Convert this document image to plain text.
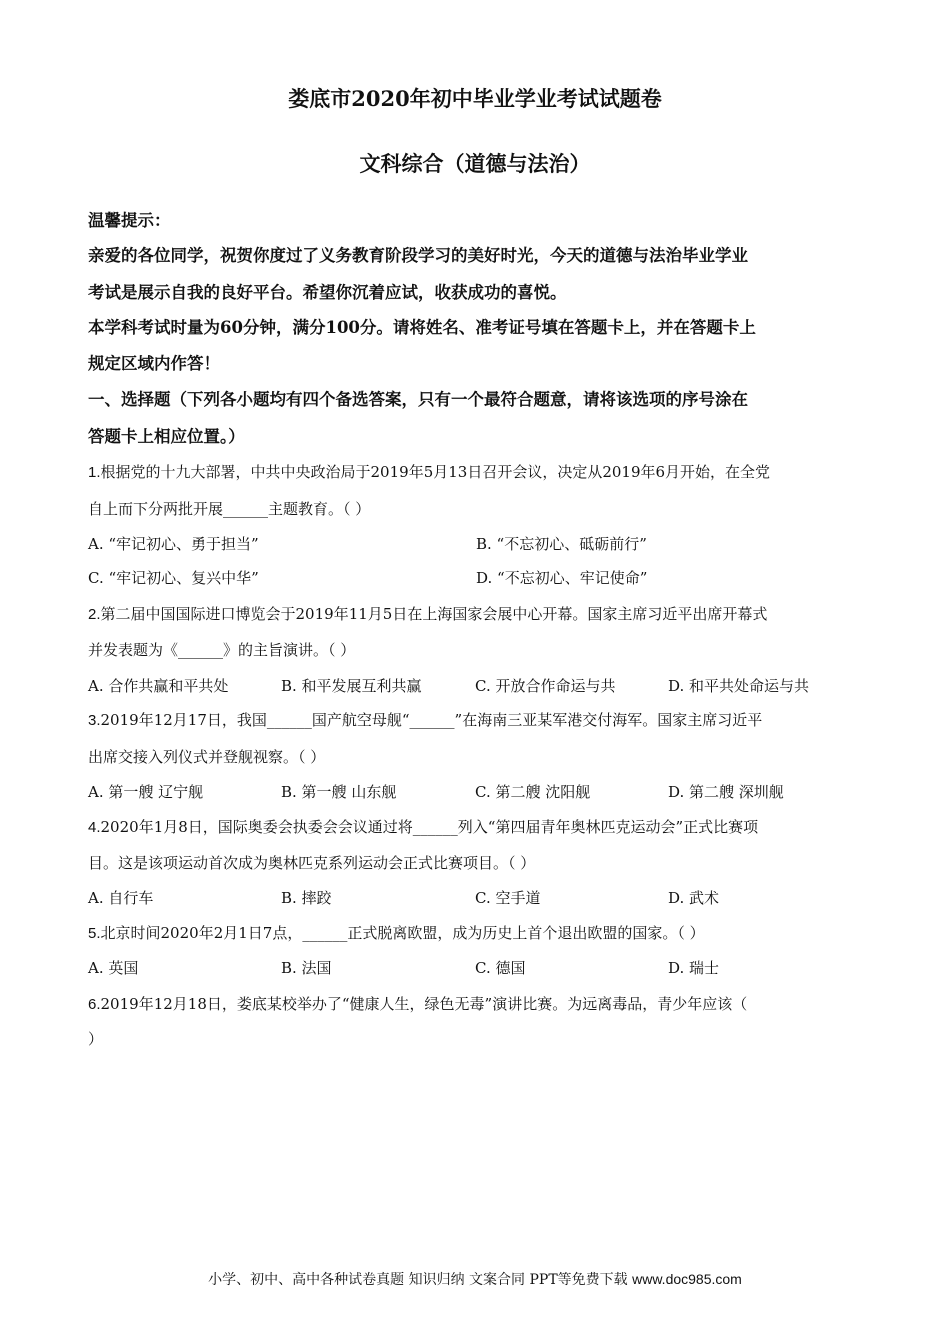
娄底市2020年初中毕业学业考试试题卷
文科综合（道德与法治）
温馨提示：
亲爱的各位同学，祝贺你度过了义务教育阶段学习的美好时光，今天的道德与法治毕业学业
考试是展示自我的良好平台。希望你沉着应试，收获成功的喜悦。
本学科考试时量为60分钟，满分100分。请将姓名、准考证号填在答题卡上，并在答题卡上
规定区域内作答！
一、选择题（下列各小题均有四个备选答案，只有一个最符合题意，请将该选项的序号涂在
答题卡上相应位置。）
1.根据党的十九大部署，中共中央政治局于2019年5月13日召开会议，决定从2019年6月开始，在全党
自上而下分两批开展______主题教育。（ ）
A. “牢记初心、勇于担当”	B. “不忘初心、砥砺前行”
C. “牢记初心、复兴中华”	D. “不忘初心、牢记使命”
2.第二届中国国际进口博览会于2019年11月5日在上海国家会展中心开幕。国家主席习近平出席开幕式
并发表题为《______》的主旨演讲。（ ）
A. 合作共赢和平共处	B. 和平发展互利共赢	C. 开放合作命运与共	D. 和平共处命运与共
3.2019年12月17日，我国______国产航空母舰“______”在海南三亚某军港交付海军。国家主席习近平
出席交接入列仪式并登舰视察。（ ）
A. 第一艘 辽宁舰	B. 第一艘 山东舰	C. 第二艘 沈阳舰	D. 第二艘 深圳舰
4.2020年1月8日，国际奥委会执委会会议通过将______列入“第四届青年奥林匹克运动会”正式比赛项
目。这是该项运动首次成为奥林匹克系列运动会正式比赛项目。（ ）
A. 自行车	B. 摔跤	C. 空手道	D. 武术
5.北京时间2020年2月1日7点，______正式脱离欧盟，成为历史上首个退出欧盟的国家。（ ）
A. 英国	B. 法国	C. 德国	D. 瑞士
6.2019年12月18日，娄底某校举办了“健康人生，绿色无毒”演讲比赛。为远离毒品，青少年应该（
）
小学、初中、高中各种试卷真题 知识归纳 文案合同 PPT等免费下载 www.doc985.com
